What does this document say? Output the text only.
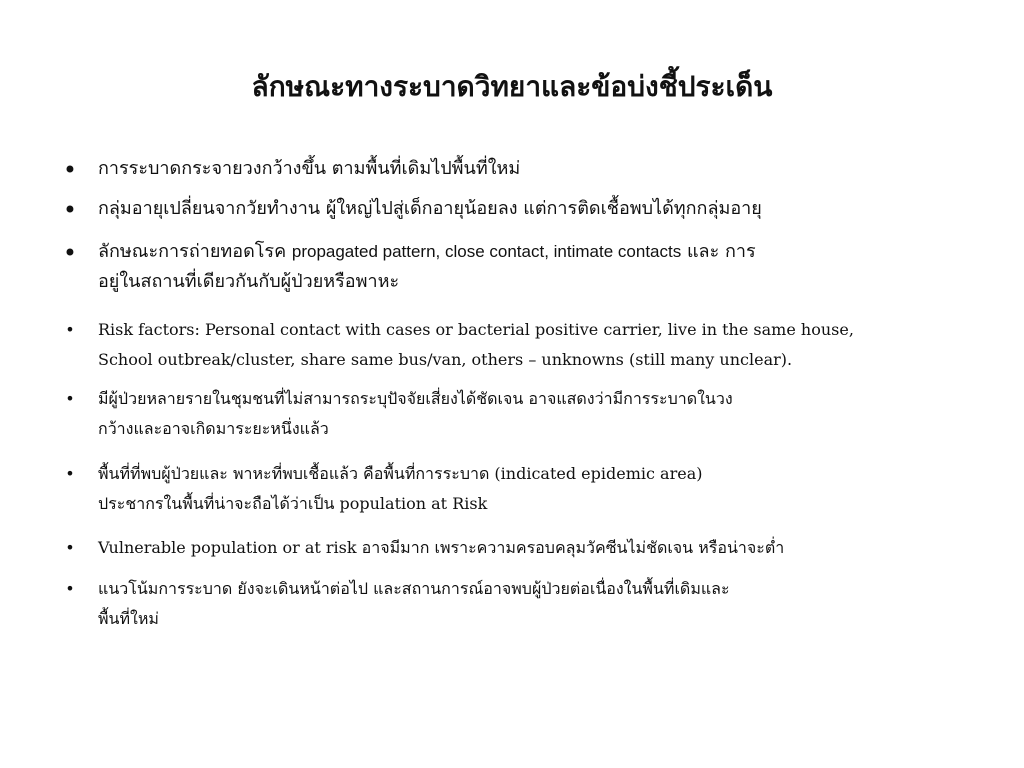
ลักษณะทางระบาดวิทยาและข้อบ่งชี้ประเด็น
• การระบาดกระจายวงกว้างขึ้น ตามพื้นที่เดิมไปพื้นที่ใหม่
• กลุ่มอายุเปลี่ยนจากวัยทำงาน ผู้ใหญ่ไปสู่เด็กอายุน้อยลง แต่การติดเชื้อพบได้ทุกกลุ่มอายุ
• ลักษณะการถ่ายทอดโรค propagated pattern, close contact, intimate contacts และ การ
อยู่ในสถานที่เดียวกันกับผู้ป่วยหรือพาหะ
•	Risk factors: Personal contact with cases or bacterial positive carrier, live in the same house,
School outbreak/cluster, share same bus/van, others – unknowns (still many unclear).
•	มีผู้ป่วยหลายรายในชุมชนที่ไม่สามารถระบุปัจจัยเสี่ยงได้ชัดเจน อาจแสดงว่ามีการระบาดในวง
กว้างและอาจเกิดมาระยะหนึ่งแล้ว
•	พื้นที่ที่พบผู้ป่วยและ พาหะที่พบเชื้อแล้ว คือพื้นที่การระบาด (indicated epidemic area)
ประชากรในพื้นที่น่าจะถือได้ว่าเป็น population at Risk
•	Vulnerable population or at risk อาจมีมาก เพราะความครอบคลุมวัคซีนไม่ชัดเจน หรือน่าจะต่ำ
•	แนวโน้มการระบาด ยังจะเดินหน้าต่อไป และสถานการณ์อาจพบผู้ป่วยต่อเนื่องในพื้นที่เดิมและ
พื้นที่ใหม่
